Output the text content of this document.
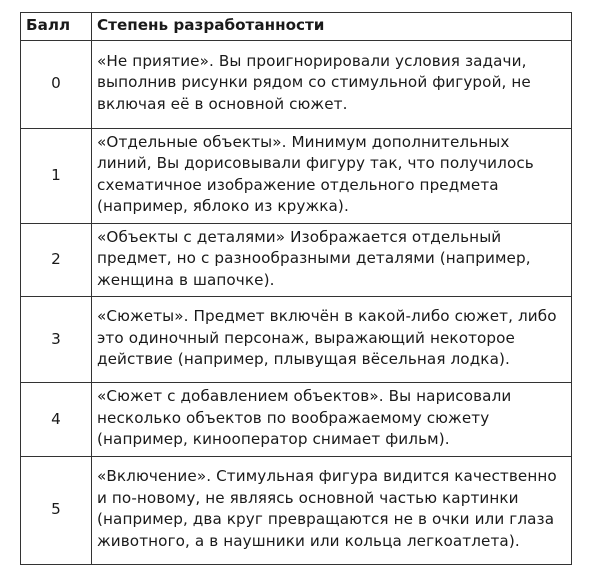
Балл	Степень разработанности
0	«Не приятие». Вы проигнорировали условия задачи, выполнив рисунки рядом со стимульной фигурой, не включая её в основной сюжет.
1	«Отдельные объекты». Минимум дополнительных линий, Вы дорисовывали фигуру так, что получилось схематичное изображение отдельного предмета (например, яблоко из кружка).
2	«Объекты с деталями» Изображается отдельный предмет, но с разнообразными деталями (например, женщина в шапочке).
3	«Сюжеты». Предмет включён в какой-либо сюжет, либо это одиночный персонаж, выражающий некоторое действие (например, плывущая вёсельная лодка).
4	«Сюжет с добавлением объектов». Вы нарисовали несколько объектов по воображаемому сюжету (например, кинооператор снимает фильм).
5	«Включение». Стимульная фигура видится качественно и по-новому, не являясь основной частью картинки (например, два круг превращаются не в очки или глаза животного, а в наушники или кольца легкоатлета).
